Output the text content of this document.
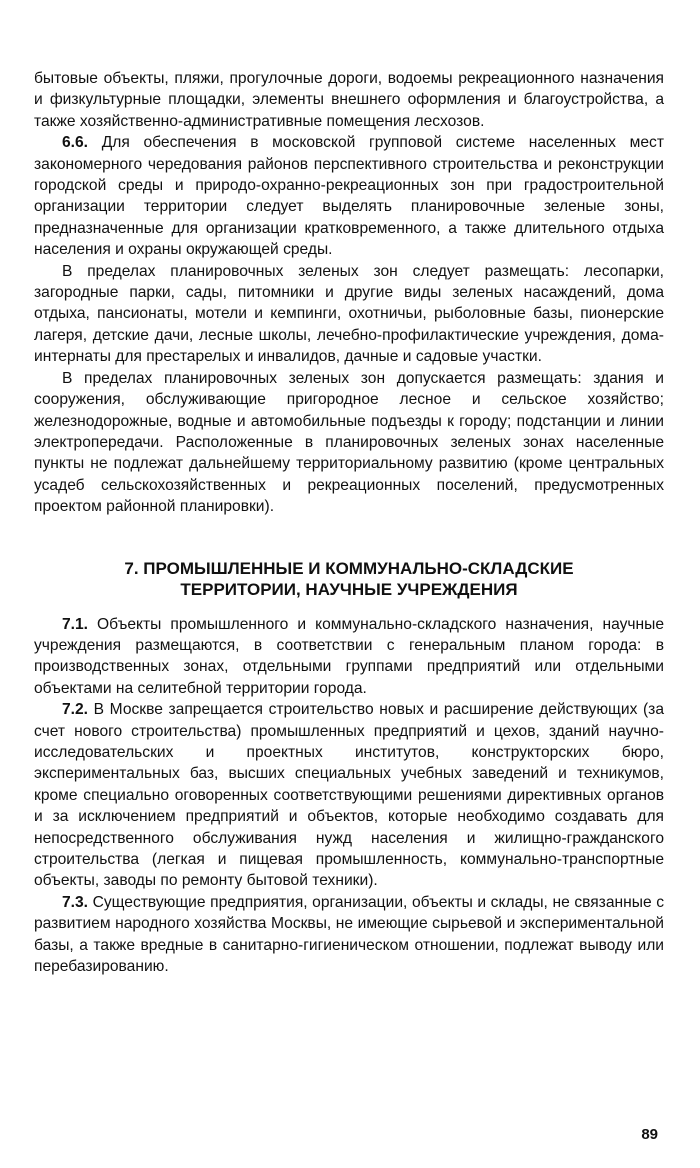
бытовые объекты, пляжи, прогулочные дороги, водоемы рекреационного назначения и физкультурные площадки, элементы внешнего оформления и благоустройства, а также хозяйственно-административные помещения лесхозов.

6.6. Для обеспечения в московской групповой системе населенных мест закономерного чередования районов перспективного строительства и реконструкции городской среды и природо-охранно-рекреационных зон при градостроительной организации территории следует выделять планировочные зеленые зоны, предназначенные для организации кратковременного, а также длительного отдыха населения и охраны окружающей среды.

В пределах планировочных зеленых зон следует размещать: лесопарки, загородные парки, сады, питомники и другие виды зеленых насаждений, дома отдыха, пансионаты, мотели и кемпинги, охотничьи, рыболовные базы, пионерские лагеря, детские дачи, лесные школы, лечебно-профилактические учреждения, дома-интернаты для престарелых и инвалидов, дачные и садовые участки.

В пределах планировочных зеленых зон допускается размещать: здания и сооружения, обслуживающие пригородное лесное и сельское хозяйство; железнодорожные, водные и автомобильные подъезды к городу; подстанции и линии электропередачи. Расположенные в планировочных зеленых зонах населенные пункты не подлежат дальнейшему территориальному развитию (кроме центральных усадеб сельскохозяйственных и рекреационных поселений, предусмотренных проектом районной планировки).

7. ПРОМЫШЛЕННЫЕ И КОММУНАЛЬНО-СКЛАДСКИЕ
ТЕРРИТОРИИ, НАУЧНЫЕ УЧРЕЖДЕНИЯ

7.1. Объекты промышленного и коммунально-складского назначения, научные учреждения размещаются, в соответствии с генеральным планом города: в производственных зонах, отдельными группами предприятий или отдельными объектами на селитебной территории города.

7.2. В Москве запрещается строительство новых и расширение действующих (за счет нового строительства) промышленных предприятий и цехов, зданий научно-исследовательских и проектных институтов, конструкторских бюро, экспериментальных баз, высших специальных учебных заведений и техникумов, кроме специально оговоренных соответствующими решениями директивных органов и за исключением предприятий и объектов, которые необходимо создавать для непосредственного обслуживания нужд населения и жилищно-гражданского строительства (легкая и пищевая промышленность, коммунально-транспортные объекты, заводы по ремонту бытовой техники).

7.3. Существующие предприятия, организации, объекты и склады, не связанные с развитием народного хозяйства Москвы, не имеющие сырьевой и экспериментальной базы, а также вредные в санитарно-гигиеническом отношении, подлежат выводу или перебазированию.

89
